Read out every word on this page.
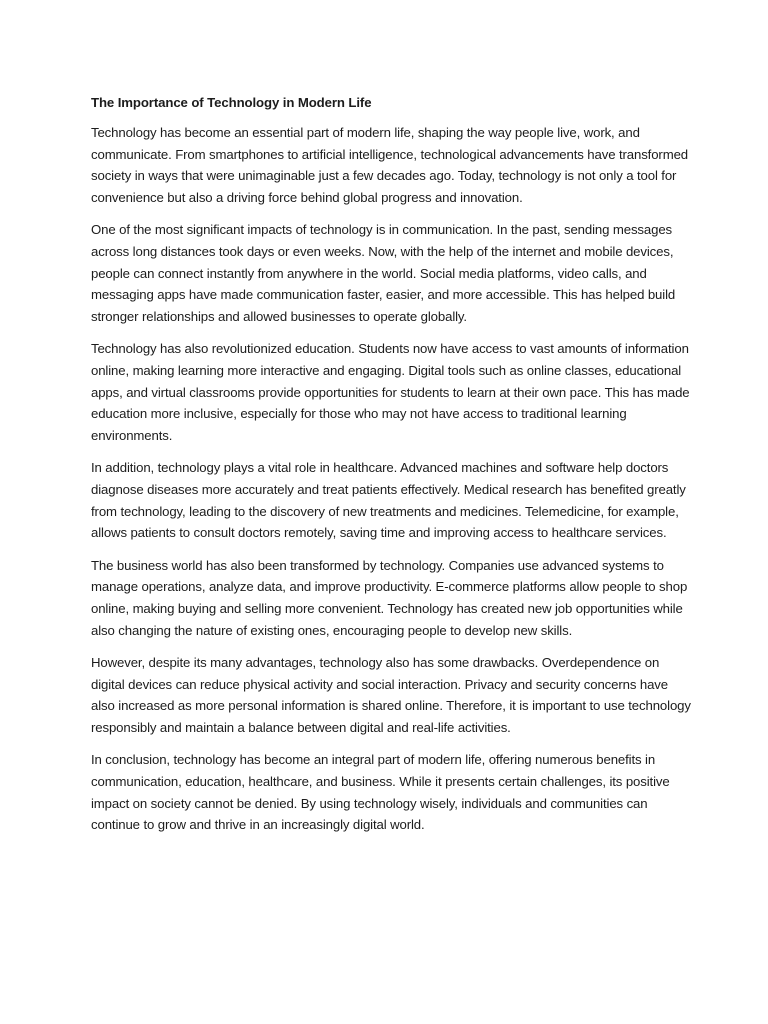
The Importance of Technology in Modern Life

Technology has become an essential part of modern life, shaping the way people live, work, and communicate. From smartphones to artificial intelligence, technological advancements have transformed society in ways that were unimaginable just a few decades ago. Today, technology is not only a tool for convenience but also a driving force behind global progress and innovation.

One of the most significant impacts of technology is in communication. In the past, sending messages across long distances took days or even weeks. Now, with the help of the internet and mobile devices, people can connect instantly from anywhere in the world. Social media platforms, video calls, and messaging apps have made communication faster, easier, and more accessible. This has helped build stronger relationships and allowed businesses to operate globally.

Technology has also revolutionized education. Students now have access to vast amounts of information online, making learning more interactive and engaging. Digital tools such as online classes, educational apps, and virtual classrooms provide opportunities for students to learn at their own pace. This has made education more inclusive, especially for those who may not have access to traditional learning environments.

In addition, technology plays a vital role in healthcare. Advanced machines and software help doctors diagnose diseases more accurately and treat patients effectively. Medical research has benefited greatly from technology, leading to the discovery of new treatments and medicines. Telemedicine, for example, allows patients to consult doctors remotely, saving time and improving access to healthcare services.

The business world has also been transformed by technology. Companies use advanced systems to manage operations, analyze data, and improve productivity. E-commerce platforms allow people to shop online, making buying and selling more convenient. Technology has created new job opportunities while also changing the nature of existing ones, encouraging people to develop new skills.

However, despite its many advantages, technology also has some drawbacks. Overdependence on digital devices can reduce physical activity and social interaction. Privacy and security concerns have also increased as more personal information is shared online. Therefore, it is important to use technology responsibly and maintain a balance between digital and real-life activities.

In conclusion, technology has become an integral part of modern life, offering numerous benefits in communication, education, healthcare, and business. While it presents certain challenges, its positive impact on society cannot be denied. By using technology wisely, individuals and communities can continue to grow and thrive in an increasingly digital world.
